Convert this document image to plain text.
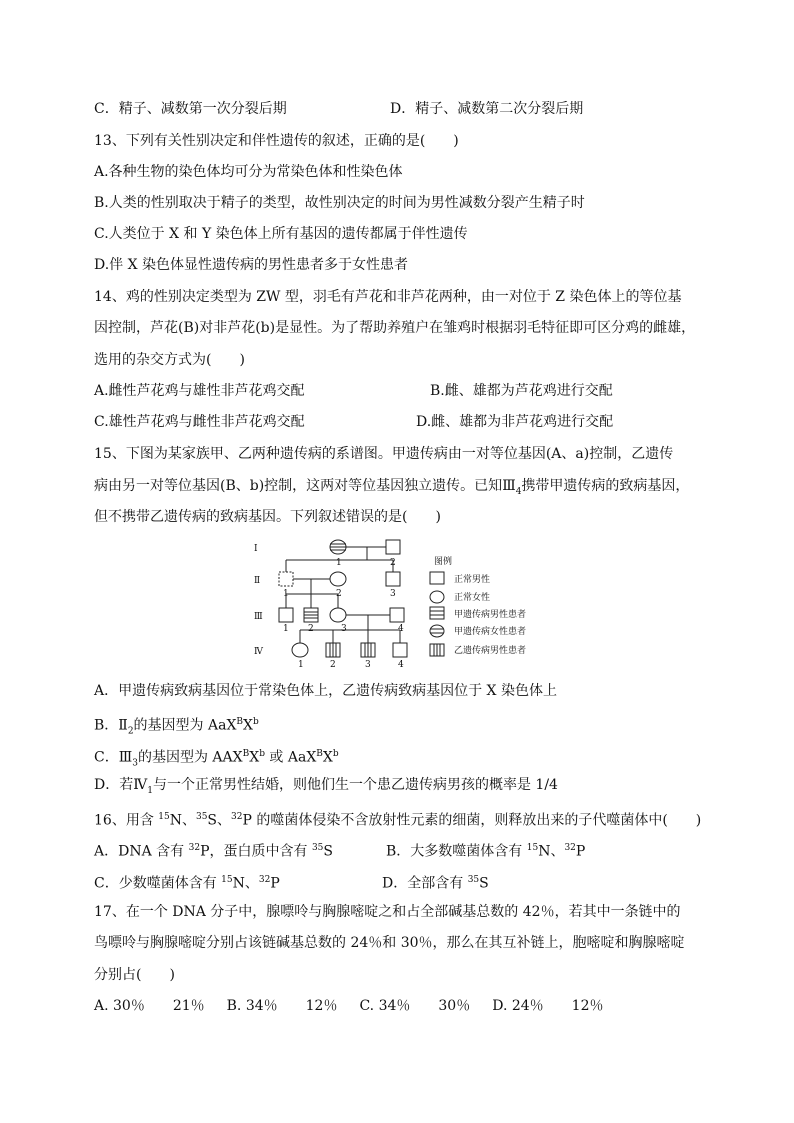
C．精子、减数第一次分裂后期	D．精子、减数第二次分裂后期
13、下列有关性别决定和伴性遗传的叙述，正确的是(　　)
A.各种生物的染色体均可分为常染色体和性染色体
B.人类的性别取决于精子的类型，故性别决定的时间为男性减数分裂产生精子时
C.人类位于 X 和 Y 染色体上所有基因的遗传都属于伴性遗传
D.伴 X 染色体显性遗传病的男性患者多于女性患者
14、鸡的性别决定类型为 ZW 型，羽毛有芦花和非芦花两种，由一对位于 Z 染色体上的等位基
因控制，芦花(B)对非芦花(b)是显性。为了帮助养殖户在雏鸡时根据羽毛特征即可区分鸡的雌雄，
选用的杂交方式为(　　)
A.雌性芦花鸡与雄性非芦花鸡交配	B.雌、雄都为芦花鸡进行交配
C.雄性芦花鸡与雌性非芦花鸡交配	D.雌、雄都为非芦花鸡进行交配
15、下图为某家族甲、乙两种遗传病的系谱图。甲遗传病由一对等位基因(A、a)控制，乙遗传
病由另一对等位基因(B、b)控制，这两对等位基因独立遗传。已知$Ⅲ_4$携带甲遗传病的致病基因，
但不携带乙遗传病的致病基因。下列叙述错误的是(　　)
Ⅰ
Ⅱ
Ⅲ
Ⅳ
1	2
1	2	3
1 2	3	4
1	2	3	4
图例
正常男性
正常女性
甲遗传病男性患者
甲遗传病女性患者
乙遗传病男性患者
A．甲遗传病致病基因位于常染色体上，乙遗传病致病基因位于 X 染色体上
B．$Ⅱ_2$的基因型为 $AaX^BX^b$
C．$Ⅲ_3$的基因型为 $AAX^BX^b$ 或 $AaX^BX^b$
D．若$Ⅳ_1$与一个正常男性结婚，则他们生一个患乙遗传病男孩的概率是 1/4
16、用含 $^{15}$N、$^{35}$S、$^{32}$P 的噬菌体侵染不含放射性元素的细菌，则释放出来的子代噬菌体中(　　)
A．DNA 含有 $^{32}$P，蛋白质中含有 $^{35}$S	B．大多数噬菌体含有 $^{15}$N、$^{32}$P
C．少数噬菌体含有 $^{15}$N、$^{32}$P	D．全部含有 $^{35}$S
17、在一个 DNA 分子中，腺嘌呤与胸腺嘧啶之和占全部碱基总数的 42％，若其中一条链中的
鸟嘌呤与胸腺嘧啶分别占该链碱基总数的 24％和 30％，那么在其互补链上，胞嘧啶和胸腺嘧啶
分别占(　　)
A. 30％　　21％ B. 34％　　12％ C. 34％　　30％ D. 24％　　12％
